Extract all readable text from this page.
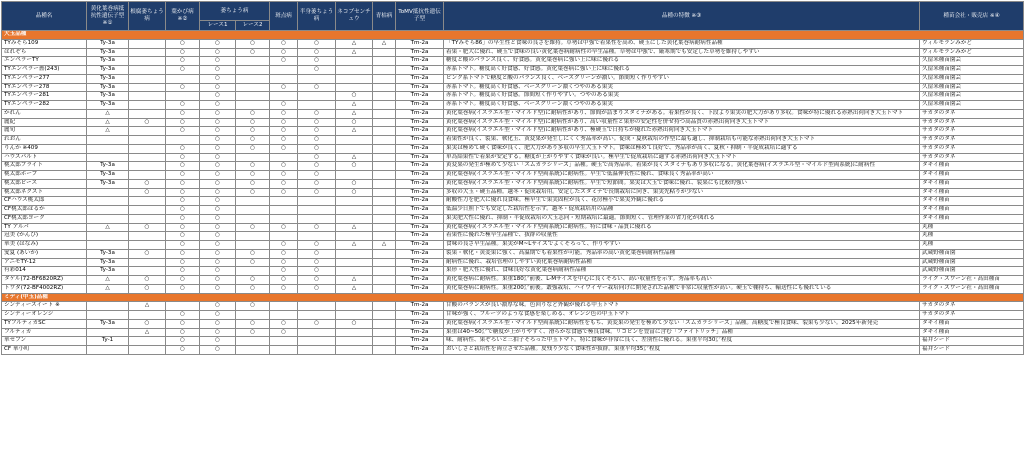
品種名	黄化葉巻病抵抗性遺伝子型 ※①	根腐萎ちょう病	葉かび病 ※②	萎ちょう病		斑点病	半身萎ちょう病	ネコブセンチュウ	青枯病	ToMV抵抗性遺伝子型	品種の特徴 ※③	種苗会社・販売店 ※④
				レース1	レース2							
大玉品種												
TYみそら109	Ty-3a		○	○	○	○	○	△	△	Tm-2a	「TYみそら86」の早生性と食味の良さを維持。草勢は中強で着果性を高め、硬玉にした黄化葉巻病耐病性品種	ヴィルモランみかど
はれぞら	Ty-3a		○	○	○	○	○	△		Tm-2a	着果・肥大に優れ、硬玉で食味の良い黄化葉巻病耐病性の早生品種。草勢は中強で、厳寒期でも安定した草勢を維持しやすい	ヴィルモランみかど
エンペラーTY	Ty-3a		○	○		○	○			Tm-2a	糖度と酸のバランス良く、好食感。黄化葉巻病に強い上に味に優れる	久留米種苗園芸
TYエンペラー薔(243)	Ty-3a		○	○			○			Tm-2a	赤系トマト。糖度高く好食感、好食感。黄化葉巻病に強い上に味に優れる	久留米種苗園芸
TYエンペラー277	Ty-3a			○						Tm-2a	ピンク系トマトで糖度と酸のバランス良く、ベースグリーンが濃い。節間短く作りやすい	久留米種苗園芸
TYエンペラー278	Ty-3a		○	○		○	○			Tm-2a	赤系トマト。糖度高く好食感、ベースグリーン濃くつやのある果実	久留米種苗園芸
TYエンペラー281	Ty-3a			○				○		Tm-2a	赤系トマト。糖度高く好食感。節間短く作りやすい。つやのある果実	久留米種苗園芸
TYエンペラー282	Ty-3a		○	○		○		△		Tm-2a	赤系トマト。糖度高く好食感、ベースグリーン濃くつやのある果実	久留米種苗園芸
かれん	△		○	○	○	○	○	△		Tm-2a	黄化葉巻病(イスラエル型・マイルド型)に耐病性があり、節間が詰まりスタミナがある。着果性が良く、下段より果実の肥大力があり多収。食味が特に優れる赤熟出荷向き大玉トマト	サカタのタネ
麗紀	△	○	○	○	○	○	○	○		Tm-2a	黄化葉巻病(イスラエル型・マイルド型)に耐病性があり、高い収量性と果形の安定性を併せ持つ高品質の赤熟出荷向き大玉トマト	サカタのタネ
麗旬	△		○	○	○	○	○	△		Tm-2a	黄化葉巻病(イスラエル型・マイルド型)に耐病性があり、極硬玉で日持ちが優れた赤熟出荷向き大玉トマト	サカタのタネ
れおん				○	○	○	○			Tm-2a	着果性が良く、裂果、軟化玉、黄変果が発生しにくく秀品率が高い。促成・夏秋栽培の作型に最も適し、抑制栽培も可能な赤熟出荷向き大玉トマト	サカタのタネ
りんか ※409			○	○	○	○	○			Tm-2a	果実は極めて硬く食味が良く、肥大力があり多収の早生大玉トマト。食味は極めて良好で、秀品率が高く、夏秋・抑制・半促成栽培に適する	サカタのタネ
ハウスパルト			○	○			○	△		Tm-2a	単為結果性で着果が安定する。糖度が上がりやすく食味が良い。極早生で促成栽培に適する赤熟出荷向き大玉トマト	サカタのタネ
桃太郎ブライト	Ty-3a		○	○	○	○	○	○		Tm-2a	黄変果の発生が極めて少ない「スムカラシリーズ」品種。硬玉で高秀品率。着果が良くスタミナもあり多収になる。黄化葉巻病(イスラエル型・マイルド型両系統)に耐病性	タキイ種苗
桃太郎ホープ	Ty-3a		○	○	○	○	○			Tm-2a	黄化葉巻病(イスラエル型・マイルド型両系統)に耐病性。早生で低温伸長性に優れ、食味良く秀品率が高い	タキイ種苗
桃太郎ピース	Ty-3a	○	○	○	○	○	○	○		Tm-2a	黄化葉巻病(イスラエル型・マイルド型両系統)に耐病性。早生で短節間。果実は大玉で食味に優れ、裂果にも比較的強い	タキイ種苗
桃太郎ネクスト		○	○	○	○	○	○	○		Tm-2a	多収の大玉・硬玉品種。越冬・促成栽培用。安定したスタミナで長期栽培に向き、果実先粘りが少ない	タキイ種苗
CFハウス桃太郎			○	○						Tm-2a	耐酸性力を肥大に優れ良食味。極早生で果実固粒が良く、花房極小で果実外観に優れる	タキイ種苗
CF桃太郎はるか			○	○						Tm-2a	低温少日照下でも安定した栽培性を示す。越冬・促成栽培用の品種	タキイ種苗
CF桃太郎ヨーク			○	○						Tm-2a	果実肥大性に優れ、抑制・半促成栽培の大玉志向・短期栽培に最適。節間短く、管理作業の省力化が図れる	タキイ種苗
TY アルバ	△	○	○	○	○	○	○	△		Tm-2a	黄化葉巻病(イスラエル型・マイルド型両系統)に耐病性。特に食味・品質に優れる	丸種
冠美 (かんび)			○	○						Tm-2a	着果性に優れた極早生品種で、抜群の収量性	丸種
華美 (はなみ)			○	○		○	○	△	△	Tm-2a	食味の良さ早生品種。果実がM~Lサイズでよくそろって、作りやすい	丸種
愛夏 (あいか)	Ty-3a	○	○	○	○	○	○			Tm-2a	裂果・軟化・黄変果に強く、高温期でも着果性が可能。秀品率の高い黄化葉巻病耐病性品種	武蔵野種苗園
アニモTY-12	Ty-3a		○	○	○	○	○			Tm-2a	耐病性に優れ、栽培管理のしやすい黄化葉巻病耐病性品種	武蔵野種苗園
有彩014	Ty-3a		○	○		○	○			Tm-2a	果形・肥大性に優れ、食味良好な黄化葉巻病耐病性品種	武蔵野種苗園
タケル(72-BF6820RZ)	△	○	○	○	○	○	○	△		Tm-2a	黄化葉巻病に耐病性。果重180㌘前後、L-Mサイズを中心に良くそろい、高い収量性を示す。秀品率も高い	ライク・スワーン社・高田種苗
トワダ(72-BF4002RZ)	△	○	○	○	○	○	○	△		Tm-2a	黄化葉巻病に耐病性。果重200㌘前後。叢強栽培、ハイワイヤー栽培向けに開発された品種で非常に収量性が高い。硬玉で棚持ち、輸送性にも優れている	ライク・スワーン社・高田種苗
ミディ(中玉)品種												
シンディースイート ※		△		○	○					Tm-2a	甘酸のバランスが良い濃厚な味。色回りなど外観が優れる中玉トマト	サカタのタネ
シンディーオレンジ			○	○						Tm-2a	甘味が強く、フルーツのような食感を楽しめる、オレンジ色の中玉トマト	サカタのタネ
TYフルティカSC	Ty-3a	○	○	○	○	○	○	○		Tm-2a	黄化葉巻病(イスラエル型・マイルド型両系統)に耐病性をもち、黄変果の発生を極めて少ない「スムカラシリーズ」品種。高糖度で極良食味、裂果も少ない。2025年新発売	タキイ種苗
フルティカ		△	○	○	○	○				Tm-2a	果重は40~50㌘で糖度が上がりやすく、滑らかな食感で極良食味。リコピンを豊富に含む「ファイトリッチ」品種	タキイ種苗
華セブン	Ty-1		○	○						Tm-2a	味、耐病性、果ぞろいと三拍子そろった中玉トマト。特に食味が非常に良く、差別性に優れる。果重平均30㌘程度	福井シード
CF 華小町			○	○						Tm-2a	おいしさと栽培性を両立させた品種。皮残り少なく食味性が抜群。果重平均35㌘程度	福井シード
